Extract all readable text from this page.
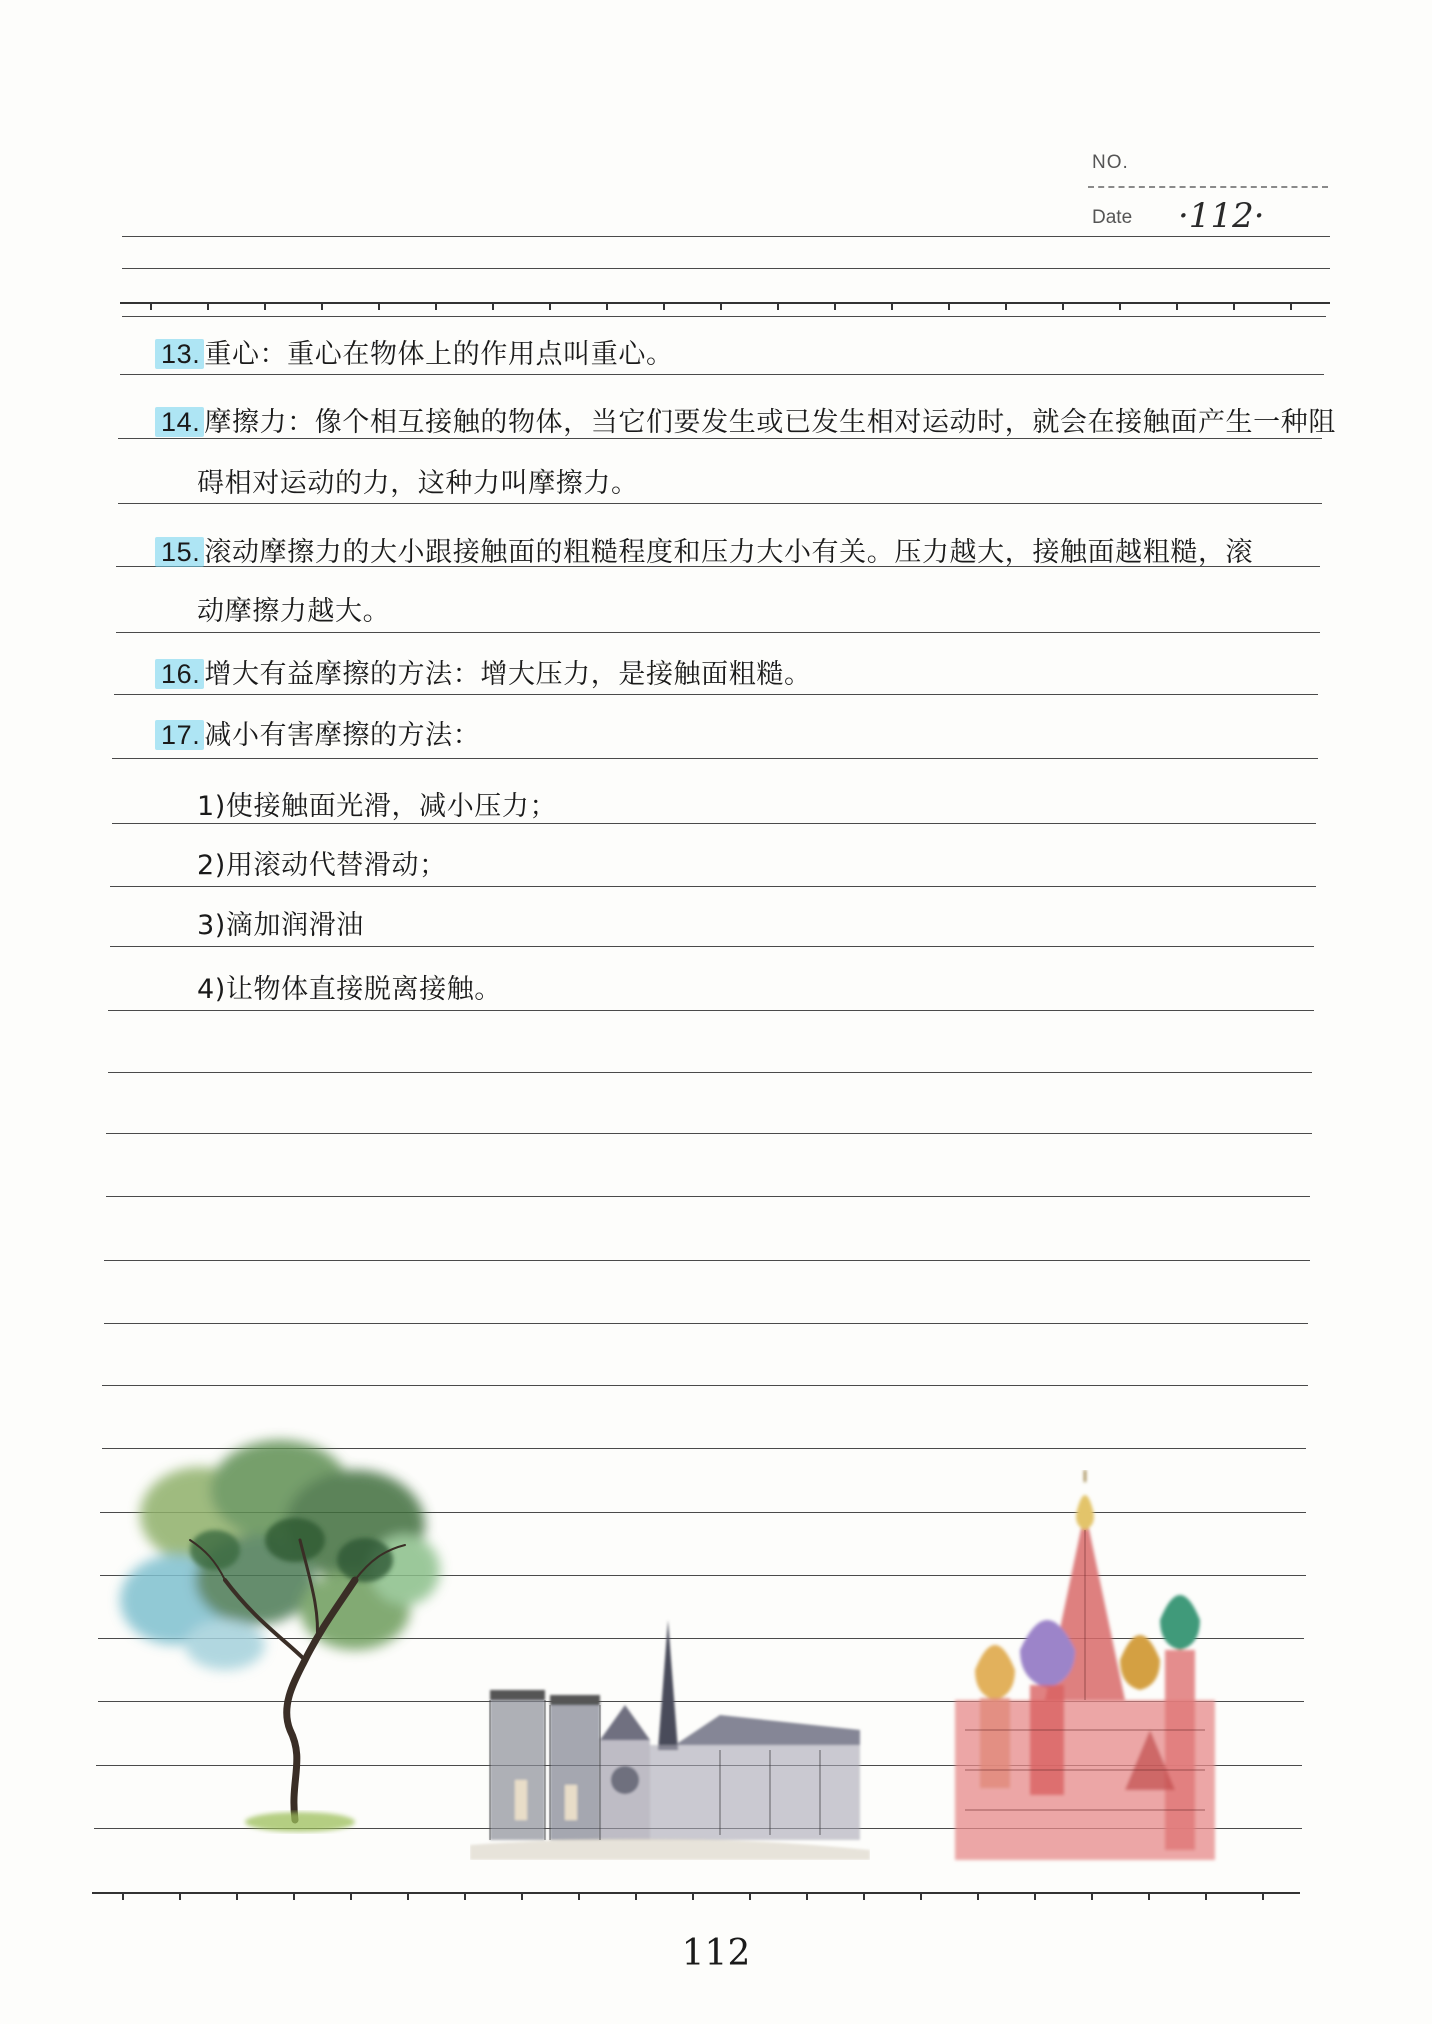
NO.
Date ·112·
13. 重心：重心在物体上的作用点叫重心。
14. 摩擦力：像个相互接触的物体，当它们要发生或已发生相对运动时，就会在接触面产生一种阻
碍相对运动的力，这种力叫摩擦力。
15. 滚动摩擦力的大小跟接触面的粗糙程度和压力大小有关。压力越大，接触面越粗糙，滚
动摩擦力越大。
16. 增大有益摩擦的方法：增大压力，是接触面粗糙。
17. 减小有害摩擦的方法：
1)使接触面光滑，减小压力；
2)用滚动代替滑动；
3)滴加润滑油
4)让物体直接脱离接触。
112
